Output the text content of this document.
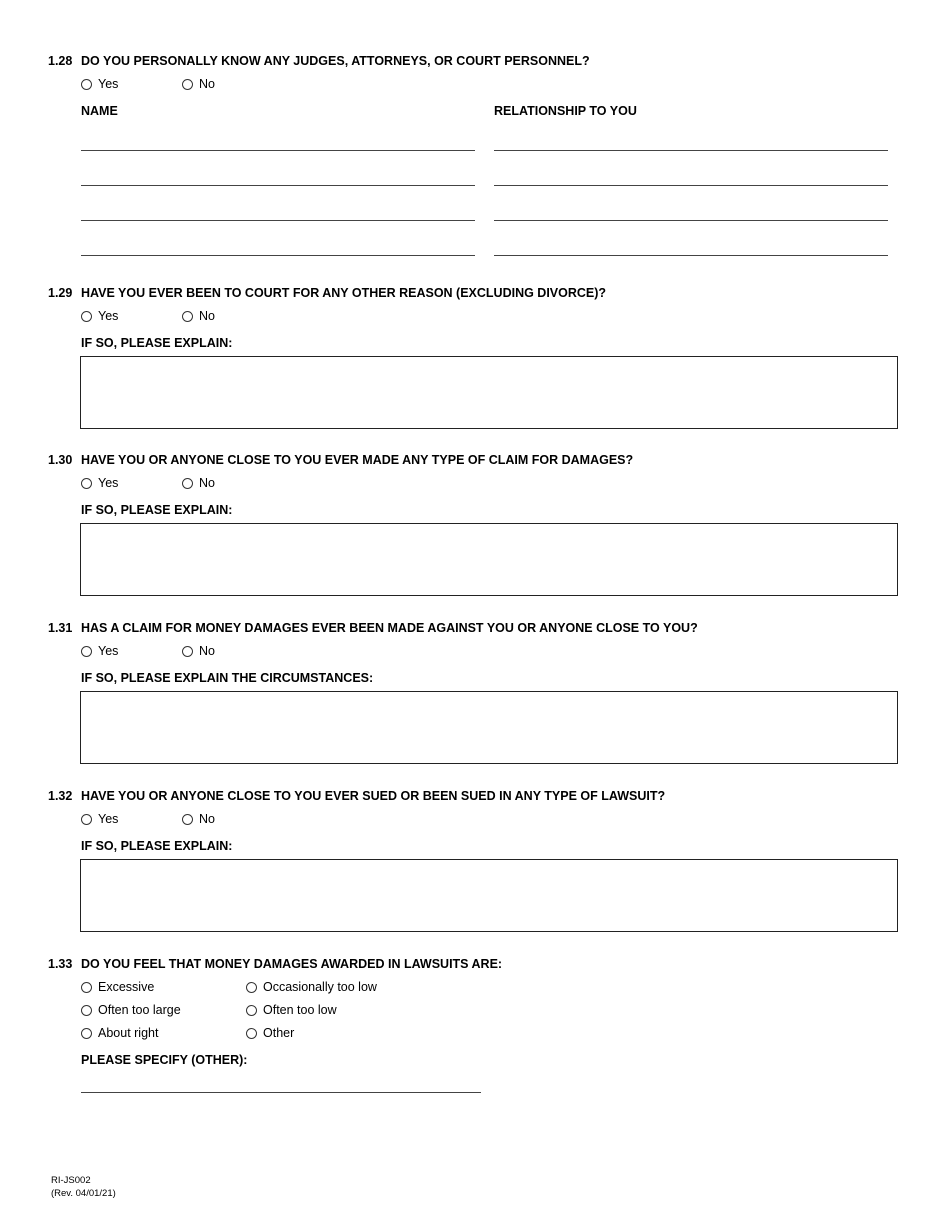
1.28 DO YOU PERSONALLY KNOW ANY JUDGES, ATTORNEYS, OR COURT PERSONNEL?
Yes	No
NAME	RELATIONSHIP TO YOU
1.29 HAVE YOU EVER BEEN TO COURT FOR ANY OTHER REASON (EXCLUDING DIVORCE)?
Yes	No
IF SO, PLEASE EXPLAIN:
1.30 HAVE YOU OR ANYONE CLOSE TO YOU EVER MADE ANY TYPE OF CLAIM FOR DAMAGES?
Yes	No
IF SO, PLEASE EXPLAIN:
1.31 HAS A CLAIM FOR MONEY DAMAGES EVER BEEN MADE AGAINST YOU OR ANYONE CLOSE TO YOU?
Yes	No
IF SO, PLEASE EXPLAIN THE CIRCUMSTANCES:
1.32 HAVE YOU OR ANYONE CLOSE TO YOU EVER SUED OR BEEN SUED IN ANY TYPE OF LAWSUIT?
Yes	No
IF SO, PLEASE EXPLAIN:
1.33 DO YOU FEEL THAT MONEY DAMAGES AWARDED IN LAWSUITS ARE:
Excessive	Occasionally too low
Often too large	Often too low
About right	Other
PLEASE SPECIFY (OTHER):
RI-JS002
(Rev. 04/01/21)
